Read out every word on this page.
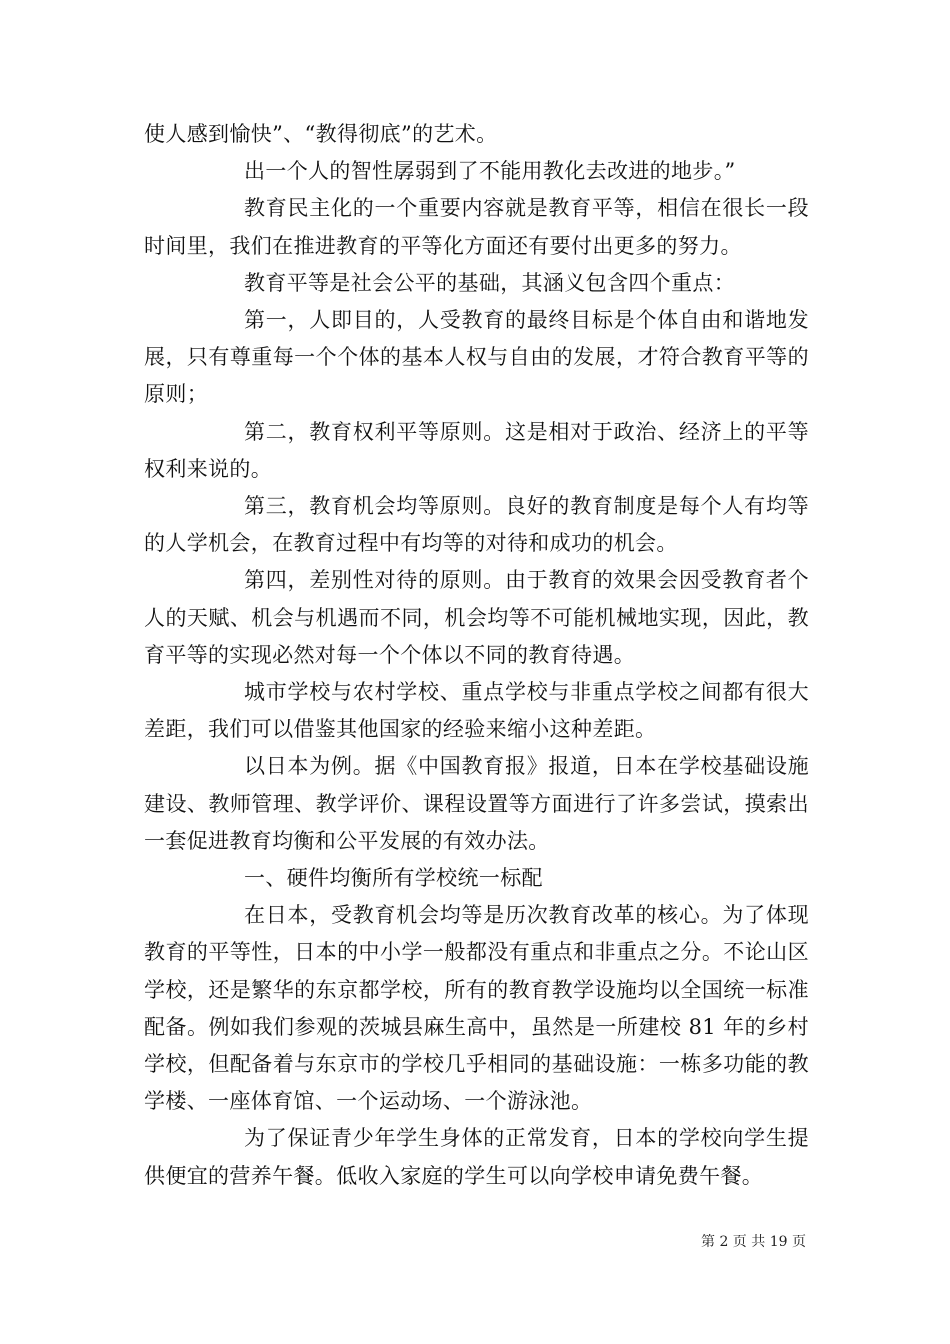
使人感到愉快”、“教得彻底”的艺术。

出一个人的智性孱弱到了不能用教化去改进的地步。”

教育民主化的一个重要内容就是教育平等，相信在很长一段时间里，我们在推进教育的平等化方面还有要付出更多的努力。

教育平等是社会公平的基础，其涵义包含四个重点：

第一，人即目的，人受教育的最终目标是个体自由和谐地发展，只有尊重每一个个体的基本人权与自由的发展，才符合教育平等的原则；

第二，教育权利平等原则。这是相对于政治、经济上的平等权利来说的。

第三，教育机会均等原则。良好的教育制度是每个人有均等的人学机会，在教育过程中有均等的对待和成功的机会。

第四，差别性对待的原则。由于教育的效果会因受教育者个人的天赋、机会与机遇而不同，机会均等不可能机械地实现，因此，教育平等的实现必然对每一个个体以不同的教育待遇。

城市学校与农村学校、重点学校与非重点学校之间都有很大差距，我们可以借鉴其他国家的经验来缩小这种差距。

以日本为例。据《中国教育报》报道，日本在学校基础设施建设、教师管理、教学评价、课程设置等方面进行了许多尝试，摸索出一套促进教育均衡和公平发展的有效办法。

一、硬件均衡所有学校统一标配

在日本，受教育机会均等是历次教育改革的核心。为了体现教育的平等性，日本的中小学一般都没有重点和非重点之分。不论山区学校，还是繁华的东京都学校，所有的教育教学设施均以全国统一标准配备。例如我们参观的茨城县麻生高中，虽然是一所建校 81 年的乡村学校，但配备着与东京市的学校几乎相同的基础设施：一栋多功能的教学楼、一座体育馆、一个运动场、一个游泳池。

为了保证青少年学生身体的正常发育，日本的学校向学生提供便宜的营养午餐。低收入家庭的学生可以向学校申请免费午餐。

第 2 页 共 19 页
